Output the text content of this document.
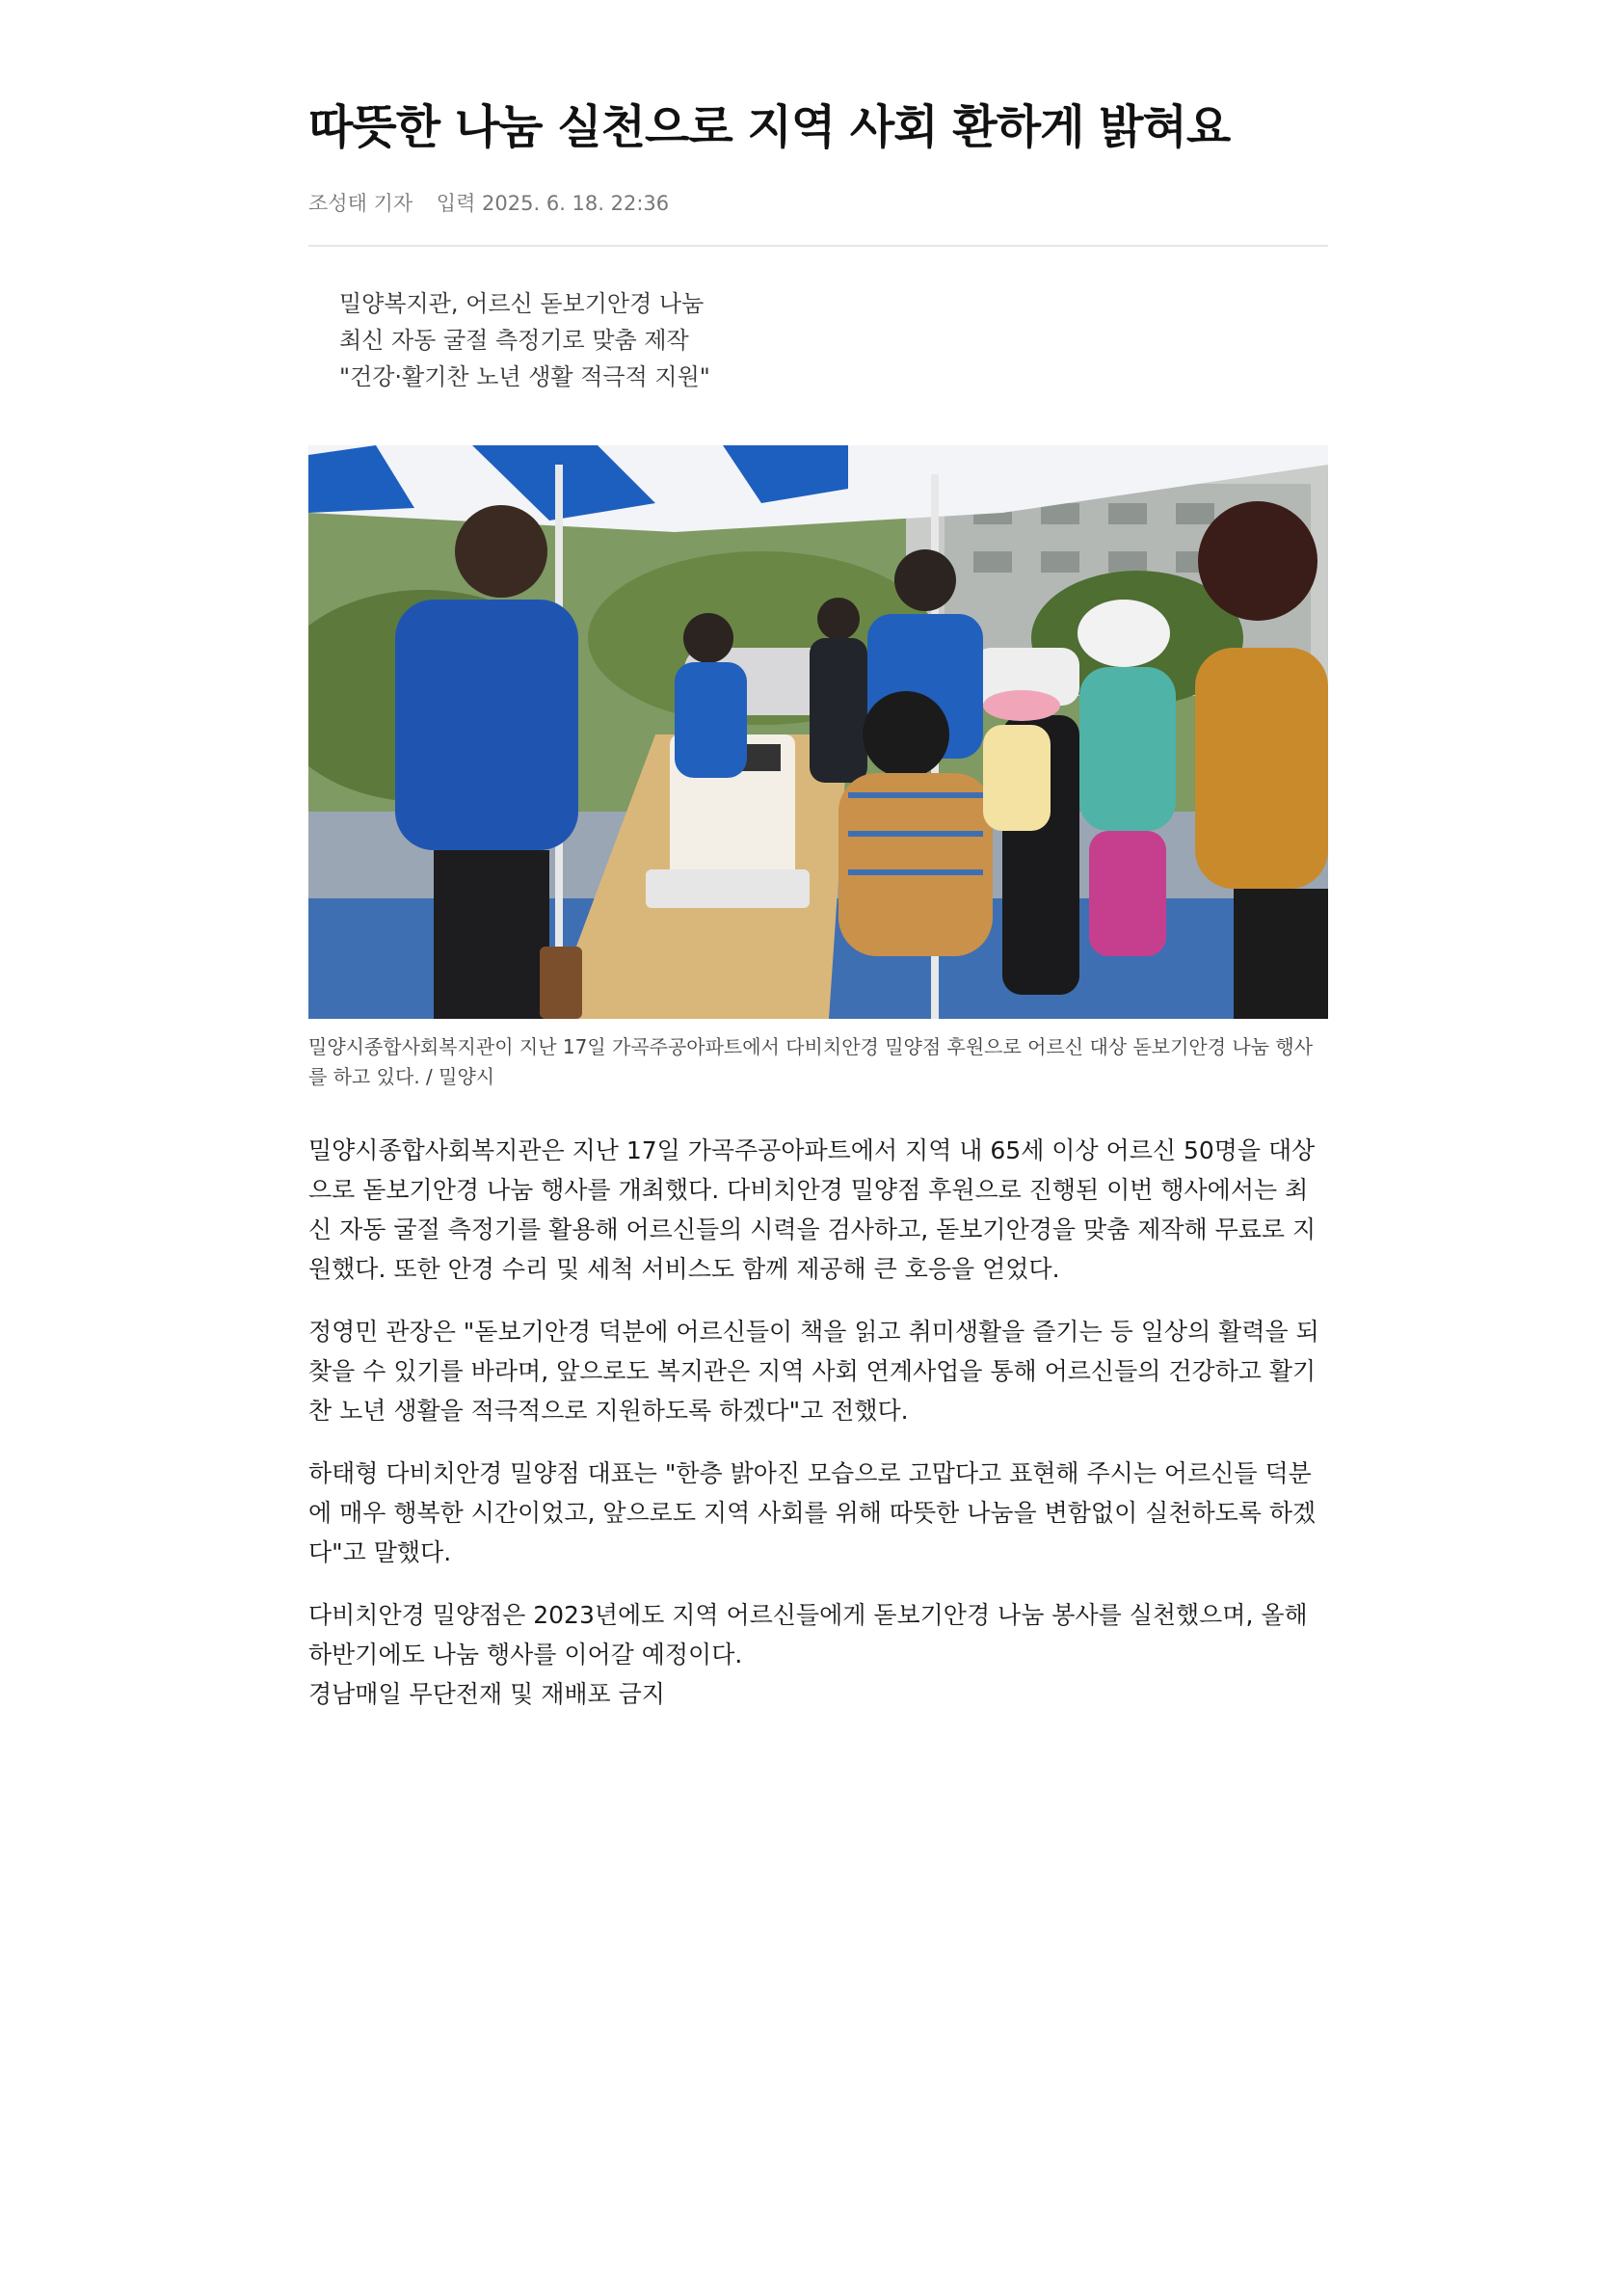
따뜻한 나눔 실천으로 지역 사회 환하게 밝혀요
조성태 기자 입력 2025. 6. 18. 22:36
밀양복지관, 어르신 돋보기안경 나눔
최신 자동 굴절 측정기로 맞춤 제작
"건강·활기찬 노년 생활 적극적 지원"
밀양시종합사회복지관이 지난 17일 가곡주공아파트에서 다비치안경 밀양점 후원으로 어르신 대상 돋보기안경 나눔 행사를 하고 있다. / 밀양시

밀양시종합사회복지관은 지난 17일 가곡주공아파트에서 지역 내 65세 이상 어르신 50명을 대상으로 돋보기안경 나눔 행사를 개최했다. 다비치안경 밀양점 후원으로 진행된 이번 행사에서는 최신 자동 굴절 측정기를 활용해 어르신들의 시력을 검사하고, 돋보기안경을 맞춤 제작해 무료로 지원했다. 또한 안경 수리 및 세척 서비스도 함께 제공해 큰 호응을 얻었다.

정영민 관장은 "돋보기안경 덕분에 어르신들이 책을 읽고 취미생활을 즐기는 등 일상의 활력을 되찾을 수 있기를 바라며, 앞으로도 복지관은 지역 사회 연계사업을 통해 어르신들의 건강하고 활기찬 노년 생활을 적극적으로 지원하도록 하겠다"고 전했다.

하태형 다비치안경 밀양점 대표는 "한층 밝아진 모습으로 고맙다고 표현해 주시는 어르신들 덕분에 매우 행복한 시간이었고, 앞으로도 지역 사회를 위해 따뜻한 나눔을 변함없이 실천하도록 하겠다"고 말했다.

다비치안경 밀양점은 2023년에도 지역 어르신들에게 돋보기안경 나눔 봉사를 실천했으며, 올해 하반기에도 나눔 행사를 이어갈 예정이다.

경남매일 무단전재 및 재배포 금지
